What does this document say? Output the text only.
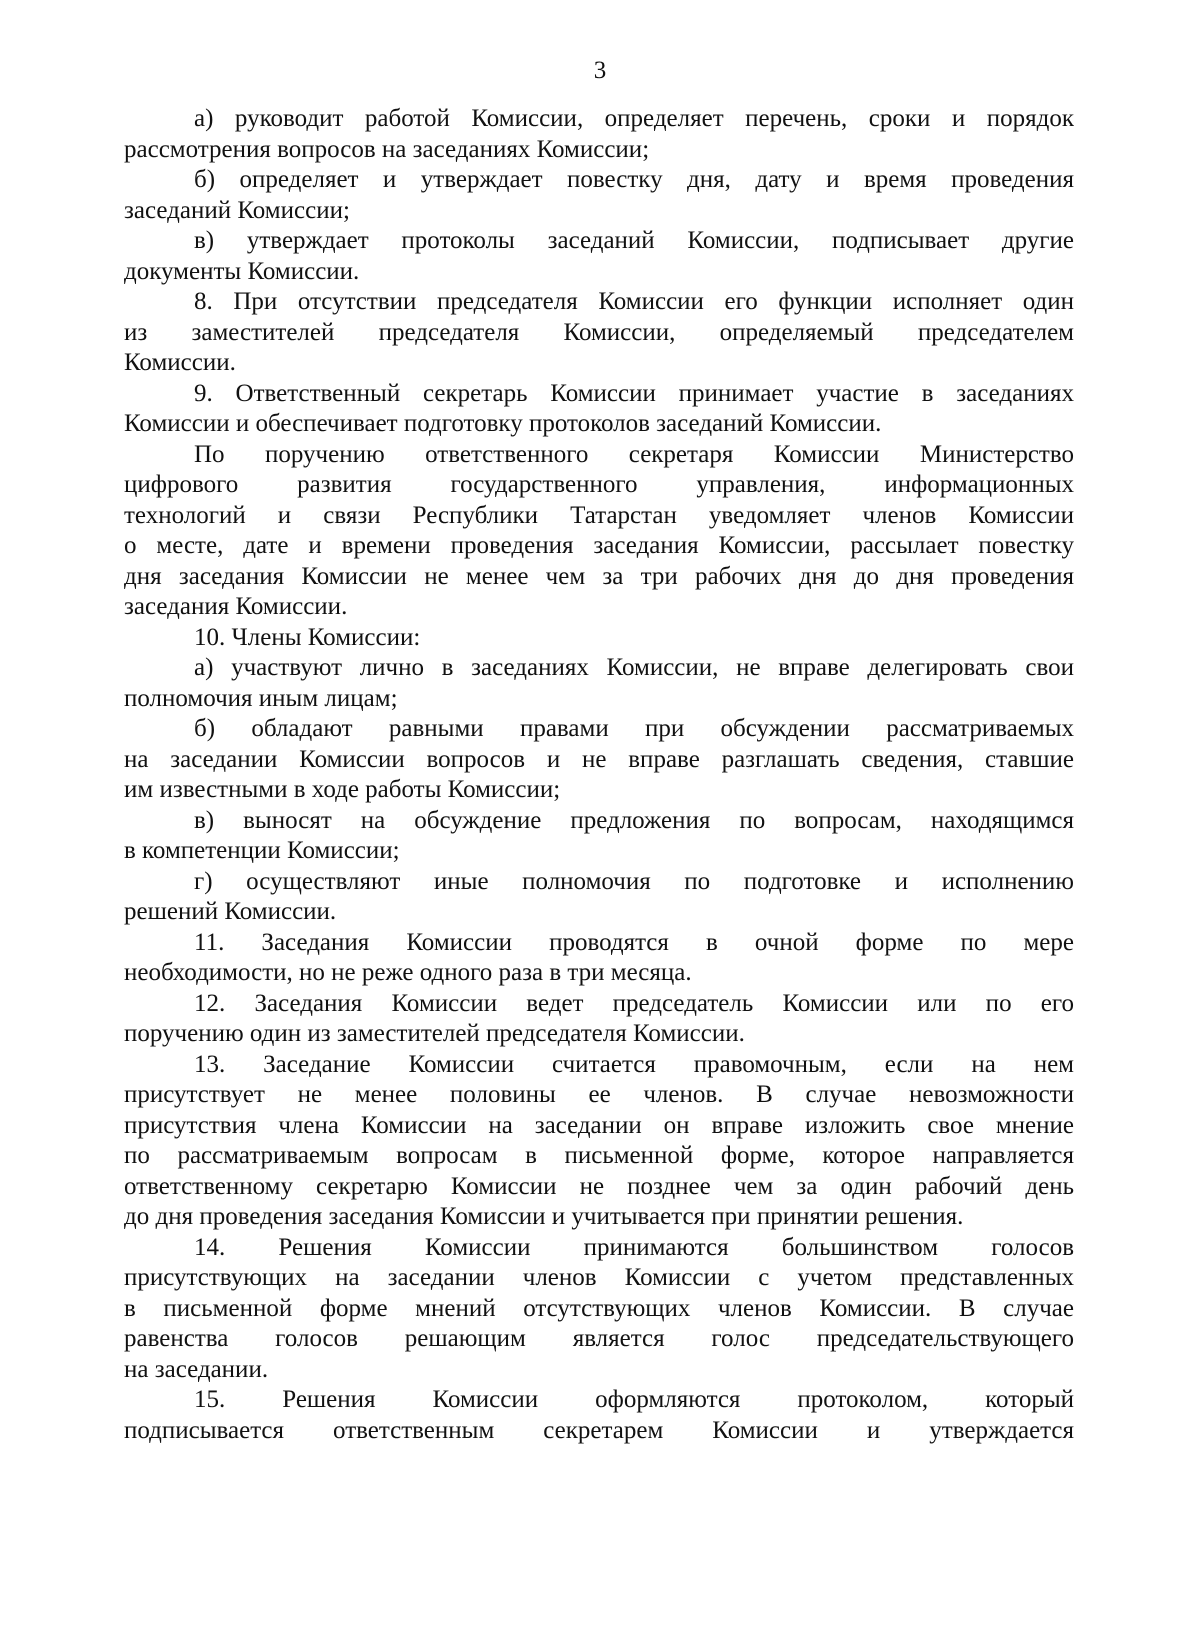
3
а) руководит работой Комиссии, определяет перечень, сроки и порядок
рассмотрения вопросов на заседаниях Комиссии;
б) определяет и утверждает повестку дня, дату и время проведения
заседаний Комиссии;
в) утверждает протоколы заседаний Комиссии, подписывает другие
документы Комиссии.
8. При отсутствии председателя Комиссии его функции исполняет один
из заместителей председателя Комиссии, определяемый председателем
Комиссии.
9. Ответственный секретарь Комиссии принимает участие в заседаниях
Комиссии и обеспечивает подготовку протоколов заседаний Комиссии.
По поручению ответственного секретаря Комиссии Министерство
цифрового развития государственного управления, информационных
технологий и связи Республики Татарстан уведомляет членов Комиссии
о месте, дате и времени проведения заседания Комиссии, рассылает повестку
дня заседания Комиссии не менее чем за три рабочих дня до дня проведения
заседания Комиссии.
10. Члены Комиссии:
а) участвуют лично в заседаниях Комиссии, не вправе делегировать свои
полномочия иным лицам;
б) обладают равными правами при обсуждении рассматриваемых
на заседании Комиссии вопросов и не вправе разглашать сведения, ставшие
им известными в ходе работы Комиссии;
в) выносят на обсуждение предложения по вопросам, находящимся
в компетенции Комиссии;
г) осуществляют иные полномочия по подготовке и исполнению
решений Комиссии.
11. Заседания Комиссии проводятся в очной форме по мере
необходимости, но не реже одного раза в три месяца.
12. Заседания Комиссии ведет председатель Комиссии или по его
поручению один из заместителей председателя Комиссии.
13. Заседание Комиссии считается правомочным, если на нем
присутствует не менее половины ее членов. В случае невозможности
присутствия члена Комиссии на заседании он вправе изложить свое мнение
по рассматриваемым вопросам в письменной форме, которое направляется
ответственному секретарю Комиссии не позднее чем за один рабочий день
до дня проведения заседания Комиссии и учитывается при принятии решения.
14. Решения Комиссии принимаются большинством голосов
присутствующих на заседании членов Комиссии с учетом представленных
в письменной форме мнений отсутствующих членов Комиссии. В случае
равенства голосов решающим является голос председательствующего
на заседании.
15. Решения Комиссии оформляются протоколом, который
подписывается ответственным секретарем Комиссии и утверждается
